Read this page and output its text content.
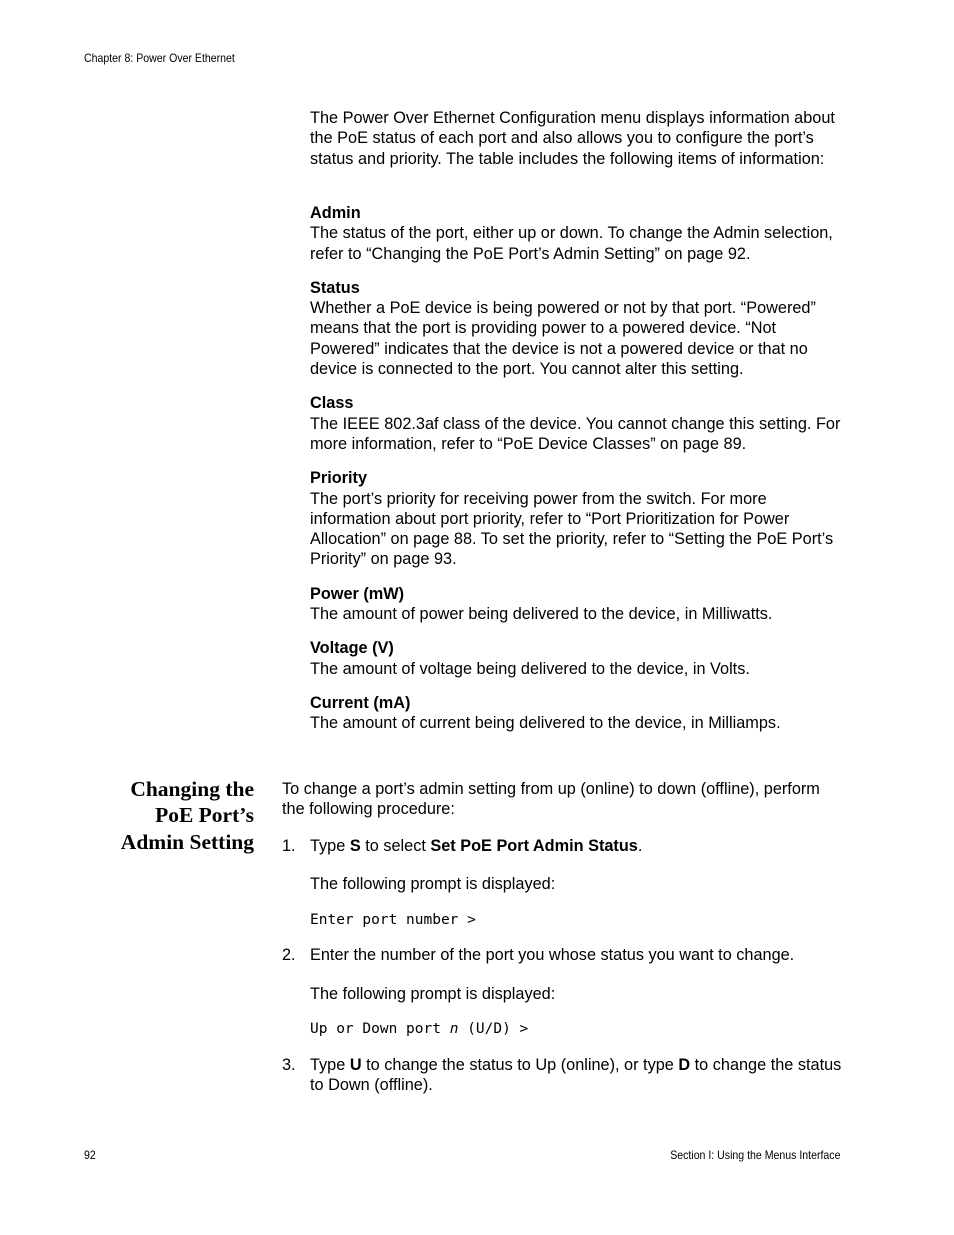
Chapter 8: Power Over Ethernet

The Power Over Ethernet Configuration menu displays information about the PoE status of each port and also allows you to configure the port’s status and priority. The table includes the following items of information:

Admin

The status of the port, either up or down. To change the Admin selection, refer to “Changing the PoE Port’s Admin Setting” on page 92.

Status

Whether a PoE device is being powered or not by that port. “Powered” means that the port is providing power to a powered device. “Not Powered” indicates that the device is not a powered device or that no device is connected to the port. You cannot alter this setting.

Class

The IEEE 802.3af class of the device. You cannot change this setting. For more information, refer to “PoE Device Classes” on page 89.

Priority

The port’s priority for receiving power from the switch. For more information about port priority, refer to “Port Prioritization for Power Allocation” on page 88. To set the priority, refer to “Setting the PoE Port’s Priority” on page 93.

Power (mW)

The amount of power being delivered to the device, in Milliwatts.

Voltage (V)

The amount of voltage being delivered to the device, in Volts.

Current (mA)

The amount of current being delivered to the device, in Milliamps.

Changing the
PoE Port’s
Admin Setting

To change a port’s admin setting from up (online) to down (offline), perform the following procedure:

1. Type S to select Set PoE Port Admin Status.

The following prompt is displayed:

Enter port number >

2. Enter the number of the port you whose status you want to change.

The following prompt is displayed:

Up or Down port n (U/D) >

3. Type U to change the status to Up (online), or type D to change the status to Down (offline).

92	Section I: Using the Menus Interface
